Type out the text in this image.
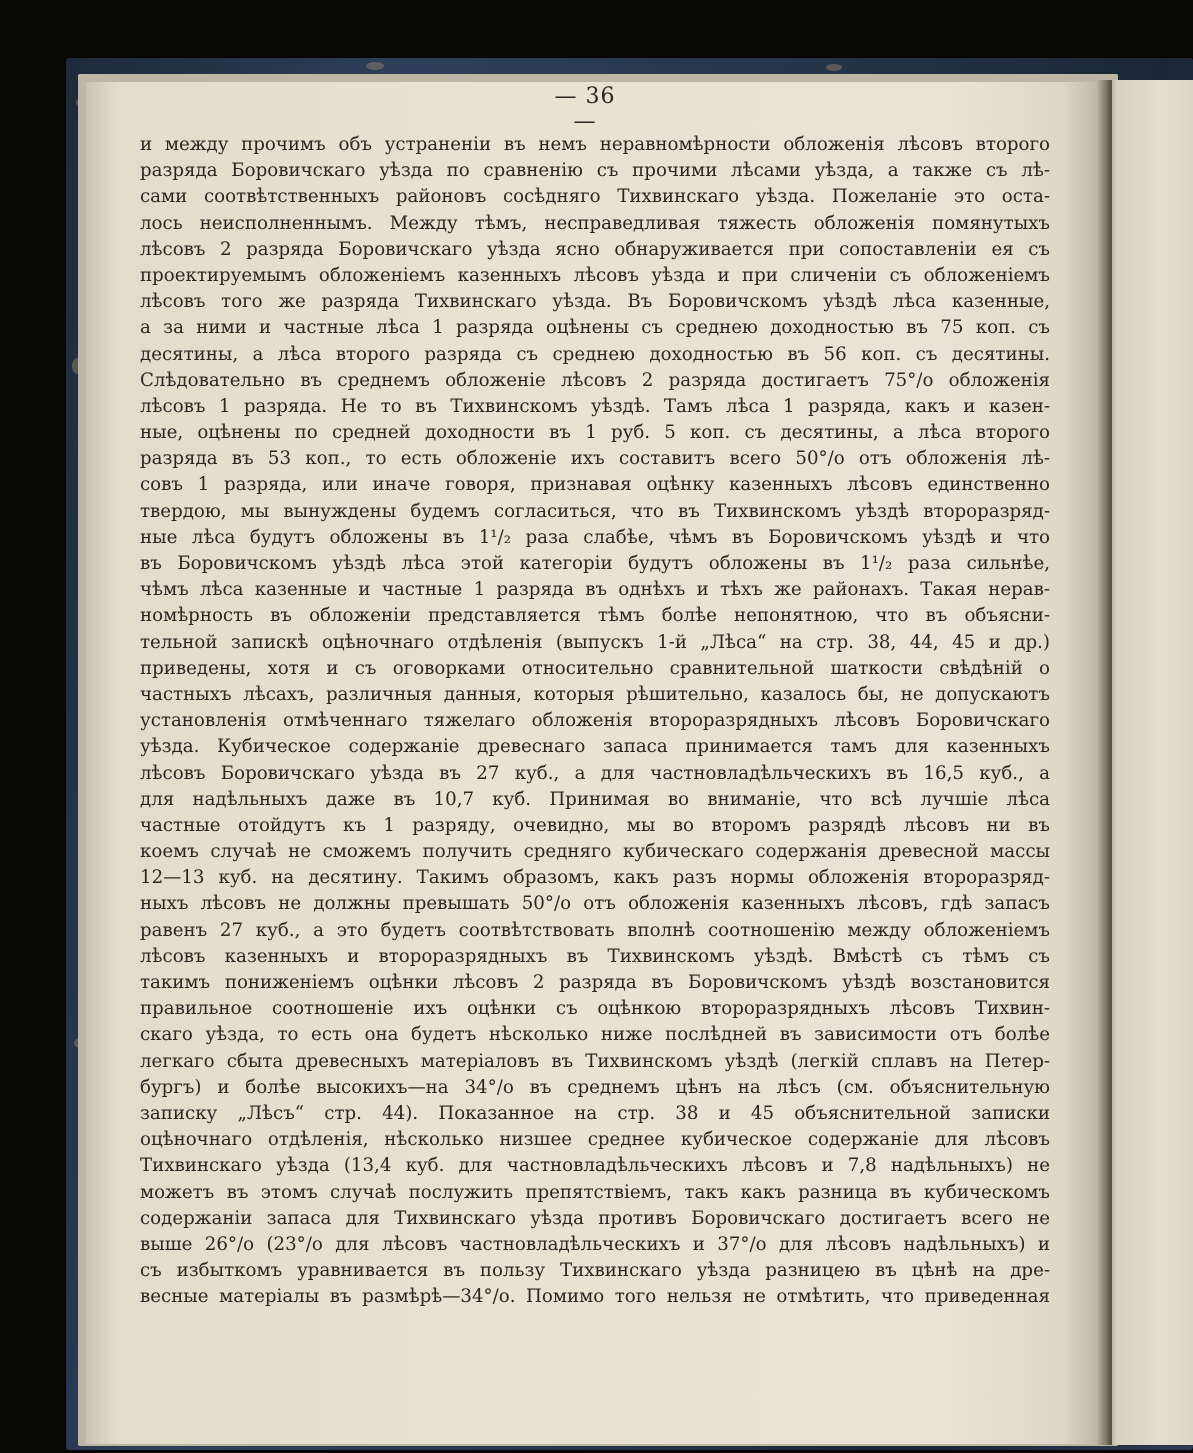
— 36 —
и между прочимъ объ устраненіи въ немъ неравномѣрности обложенія лѣсовъ второго
разряда Боровичскаго уѣзда по сравненію съ прочими лѣсами уѣзда, а также съ лѣ-
сами соотвѣтственныхъ районовъ сосѣдняго Тихвинскаго уѣзда. Пожеланіе это оста-
лось неисполненнымъ. Между тѣмъ, несправедливая тяжесть обложенія помянутыхъ
лѣсовъ 2 разряда Боровичскаго уѣзда ясно обнаруживается при сопоставленіи ея съ
проектируемымъ обложеніемъ казенныхъ лѣсовъ уѣзда и при сличеніи съ обложеніемъ
лѣсовъ того же разряда Тихвинскаго уѣзда. Въ Боровичскомъ уѣздѣ лѣса казенные,
а за ними и частные лѣса 1 разряда оцѣнены съ среднею доходностью въ 75 коп. съ
десятины, а лѣса второго разряда съ среднею доходностью въ 56 коп. съ десятины.
Слѣдовательно въ среднемъ обложеніе лѣсовъ 2 разряда достигаетъ 75°/о обложенія
лѣсовъ 1 разряда. Не то въ Тихвинскомъ уѣздѣ. Тамъ лѣса 1 разряда, какъ и казен-
ные, оцѣнены по средней доходности въ 1 руб. 5 коп. съ десятины, а лѣса второго
разряда въ 53 коп., то есть обложеніе ихъ составитъ всего 50°/о отъ обложенія лѣ-
совъ 1 разряда, или иначе говоря, признавая оцѣнку казенныхъ лѣсовъ единственно
твердою, мы вынуждены будемъ согласиться, что въ Тихвинскомъ уѣздѣ второразряд-
ные лѣса будутъ обложены въ 1¹/₂ раза слабѣе, чѣмъ въ Боровичскомъ уѣздѣ и что
въ Боровичскомъ уѣздѣ лѣса этой категоріи будутъ обложены въ 1¹/₂ раза сильнѣе,
чѣмъ лѣса казенные и частные 1 разряда въ однѣхъ и тѣхъ же районахъ. Такая нерав-
номѣрность въ обложеніи представляется тѣмъ болѣе непонятною, что въ объясни-
тельной запискѣ оцѣночнаго отдѣленія (выпускъ 1-й „Лѣса“ на стр. 38, 44, 45 и др.)
приведены, хотя и съ оговорками относительно сравнительной шаткости свѣдѣній о
частныхъ лѣсахъ, различныя данныя, которыя рѣшительно, казалось бы, не допускаютъ
установленія отмѣченнаго тяжелаго обложенія второразрядныхъ лѣсовъ Боровичскаго
уѣзда. Кубическое содержаніе древеснаго запаса принимается тамъ для казенныхъ
лѣсовъ Боровичскаго уѣзда въ 27 куб., а для частновладѣльческихъ въ 16,5 куб., а
для надѣльныхъ даже въ 10,7 куб. Принимая во вниманіе, что всѣ лучшіе лѣса
частные отойдутъ къ 1 разряду, очевидно, мы во второмъ разрядѣ лѣсовъ ни въ
коемъ случаѣ не сможемъ получить средняго кубическаго содержанія древесной массы
12—13 куб. на десятину. Такимъ образомъ, какъ разъ нормы обложенія второразряд-
ныхъ лѣсовъ не должны превышать 50°/о отъ обложенія казенныхъ лѣсовъ, гдѣ запасъ
равенъ 27 куб., а это будетъ соотвѣтствовать вполнѣ соотношенію между обложеніемъ
лѣсовъ казенныхъ и второразрядныхъ въ Тихвинскомъ уѣздѣ. Вмѣстѣ съ тѣмъ съ
такимъ пониженіемъ оцѣнки лѣсовъ 2 разряда въ Боровичскомъ уѣздѣ возстановится
правильное соотношеніе ихъ оцѣнки съ оцѣнкою второразрядныхъ лѣсовъ Тихвин-
скаго уѣзда, то есть она будетъ нѣсколько ниже послѣдней въ зависимости отъ болѣе
легкаго сбыта древесныхъ матеріаловъ въ Тихвинскомъ уѣздѣ (легкій сплавъ на Петер-
бургъ) и болѣе высокихъ—на 34°/о въ среднемъ цѣнъ на лѣсъ (см. объяснительную
записку „Лѣсъ“ стр. 44). Показанное на стр. 38 и 45 объяснительной записки
оцѣночнаго отдѣленія, нѣсколько низшее среднее кубическое содержаніе для лѣсовъ
Тихвинскаго уѣзда (13,4 куб. для частновладѣльческихъ лѣсовъ и 7,8 надѣльныхъ) не
можетъ въ этомъ случаѣ послужить препятствіемъ, такъ какъ разница въ кубическомъ
содержаніи запаса для Тихвинскаго уѣзда противъ Боровичскаго достигаетъ всего не
выше 26°/о (23°/о для лѣсовъ частновладѣльческихъ и 37°/о для лѣсовъ надѣльныхъ) и
съ избыткомъ уравнивается въ пользу Тихвинскаго уѣзда разницею въ цѣнѣ на дре-
весные матеріалы въ размѣрѣ—34°/о. Помимо того нельзя не отмѣтить, что приведенная
